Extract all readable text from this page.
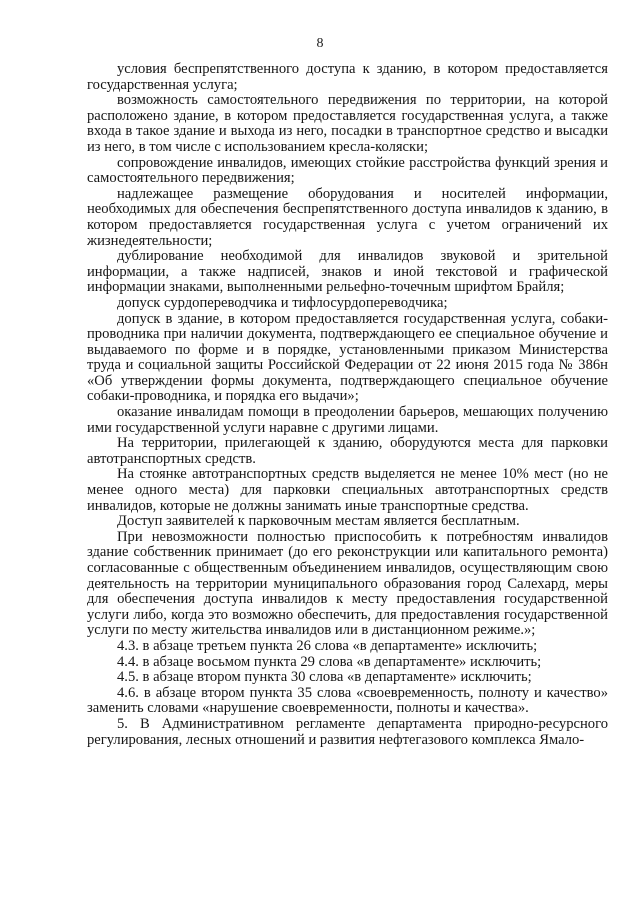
8

условия беспрепятственного доступа к зданию, в котором предоставляется государственная услуга;

возможность самостоятельного передвижения по территории, на которой расположено здание, в котором предоставляется государственная услуга, а также входа в такое здание и выхода из него, посадки в транспортное средство и высадки из него, в том числе с использованием кресла-коляски;

сопровождение инвалидов, имеющих стойкие расстройства функций зрения и самостоятельного передвижения;

надлежащее размещение оборудования и носителей информации, необходимых для обеспечения беспрепятственного доступа инвалидов к зданию, в котором предоставляется государственная услуга с учетом ограничений их жизнедеятельности;

дублирование необходимой для инвалидов звуковой и зрительной информации, а также надписей, знаков и иной текстовой и графической информации знаками, выполненными рельефно-точечным шрифтом Брайля;

допуск сурдопереводчика и тифлосурдопереводчика;

допуск в здание, в котором предоставляется государственная услуга, собаки-проводника при наличии документа, подтверждающего ее специальное обучение и выдаваемого по форме и в порядке, установленными приказом Министерства труда и социальной защиты Российской Федерации от 22 июня 2015 года № 386н «Об утверждении формы документа, подтверждающего специальное обучение собаки-проводника, и порядка его выдачи»;

оказание инвалидам помощи в преодолении барьеров, мешающих получению ими государственной услуги наравне с другими лицами.

На территории, прилегающей к зданию, оборудуются места для парковки автотранспортных средств.

На стоянке автотранспортных средств выделяется не менее 10% мест (но не менее одного места) для парковки специальных автотранспортных средств инвалидов, которые не должны занимать иные транспортные средства.

Доступ заявителей к парковочным местам является бесплатным.

При невозможности полностью приспособить к потребностям инвалидов здание собственник принимает (до его реконструкции или капитального ремонта) согласованные с общественным объединением инвалидов, осуществляющим свою деятельность на территории муниципального образования город Салехард, меры для обеспечения доступа инвалидов к месту предоставления государственной услуги либо, когда это возможно обеспечить, для предоставления государственной услуги по месту жительства инвалидов или в дистанционном режиме.»;

4.3. в абзаце третьем пункта 26 слова «в департаменте» исключить;

4.4. в абзаце восьмом пункта 29 слова «в департаменте» исключить;

4.5. в абзаце втором пункта 30 слова «в департаменте» исключить;

4.6. в абзаце втором пункта 35 слова «своевременность, полноту и качество» заменить словами «нарушение своевременности, полноты и качества».

5. В Административном регламенте департамента природно-ресурсного регулирования, лесных отношений и развития нефтегазового комплекса Ямало-
